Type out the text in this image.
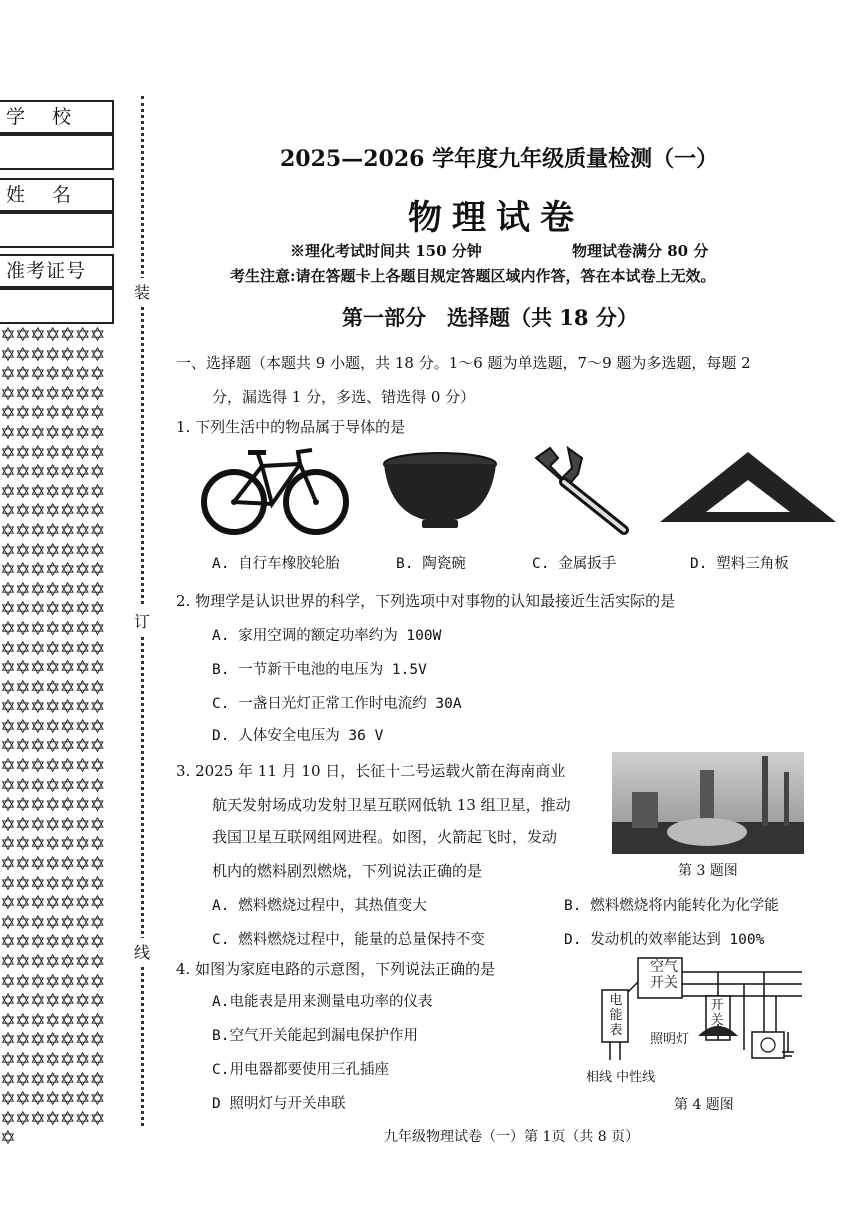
学　校
姓　名
准考证号
✡✡✡✡✡✡✡✡✡✡✡✡✡✡✡✡✡✡✡✡✡✡✡✡✡✡✡✡✡✡✡✡✡✡✡✡✡✡✡✡✡✡✡✡✡✡✡✡✡✡✡✡✡✡✡✡✡✡✡✡✡✡✡✡✡✡✡✡✡✡✡✡✡✡✡✡✡✡✡✡✡✡✡✡✡✡✡✡✡✡✡✡✡✡✡✡✡✡✡✡✡✡✡✡✡✡✡✡✡✡✡✡✡✡✡✡✡✡✡✡✡✡✡✡✡✡✡✡✡✡✡✡✡✡✡✡✡✡✡✡✡✡✡✡✡✡✡✡✡✡✡✡✡✡✡✡✡✡✡✡✡✡✡✡✡✡✡✡✡✡✡✡✡✡✡✡✡✡✡✡✡✡✡✡✡✡✡✡✡✡✡✡✡✡✡✡✡✡✡✡✡✡✡✡✡✡✡✡✡✡✡✡✡✡✡✡✡✡✡✡✡✡✡✡✡✡✡✡✡✡✡✡✡✡✡✡✡✡✡✡✡✡✡✡✡✡✡✡✡✡✡✡✡✡✡✡✡✡✡✡✡✡✡✡✡✡✡✡✡✡✡✡✡✡✡✡✡✡✡✡✡✡✡✡✡✡✡✡
装
订
线
2025—2026 学年度九年级质量检测（一）
物理试卷
※理化考试时间共 150 分钟	物理试卷满分 80 分
考生注意:请在答题卡上各题目规定答题区域内作答，答在本试卷上无效。
第一部分　选择题（共 18 分）
一、选择题（本题共 9 小题，共 18 分。1～6 题为单选题，7～9 题为多选题，每题 2
分，漏选得 1 分，多选、错选得 0 分）
1. 下列生活中的物品属于导体的是
A. 自行车橡胶轮胎	B. 陶瓷碗	C. 金属扳手	D. 塑料三角板
2. 物理学是认识世界的科学，下列选项中对事物的认知最接近生活实际的是
A. 家用空调的额定功率约为 100W
B. 一节新干电池的电压为 1.5V
C. 一盏日光灯正常工作时电流约 30A
D. 人体安全电压为 36 V
3. 2025 年 11 月 10 日，长征十二号运载火箭在海南商业
航天发射场成功发射卫星互联网低轨 13 组卫星，推动
我国卫星互联网组网进程。如图，火箭起飞时，发动
机内的燃料剧烈燃烧，下列说法正确的是	第 3 题图
A. 燃料燃烧过程中，其热值变大	B. 燃料燃烧将内能转化为化学能
C. 燃料燃烧过程中，能量的总量保持不变	D. 发动机的效率能达到 100%
4. 如图为家庭电路的示意图，下列说法正确的是
A.电能表是用来测量电功率的仪表
B.空气开关能起到漏电保护作用
C.用电器都要使用三孔插座
D 照明灯与开关串联
空气开关
电能表
开关
照明灯
相线 中性线
第 4 题图
九年级物理试卷（一）第 1页（共 8 页）
